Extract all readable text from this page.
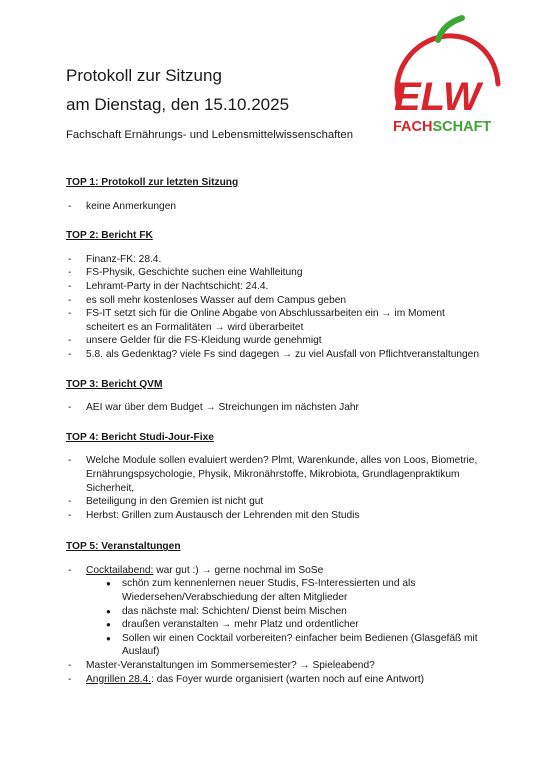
Protokoll zur Sitzung
am Dienstag, den 15.10.2025

Fachschaft Ernährungs- und Lebensmittelwissenschaften

ELW
FACHSCHAFT

TOP 1: Protokoll zur letzten Sitzung

- keine Anmerkungen

TOP 2: Bericht FK

- Finanz-FK: 28.4.
- FS-Physik, Geschichte suchen eine Wahlleitung
- Lehramt-Party in der Nachtschicht: 24.4.
- es soll mehr kostenloses Wasser auf dem Campus geben
- FS-IT setzt sich für die Online Abgabe von Abschlussarbeiten ein → im Moment scheitert es an Formalitäten → wird überarbeitet
- unsere Gelder für die FS-Kleidung wurde genehmigt
- 5.8. als Gedenktag? viele Fs sind dagegen → zu viel Ausfall von Pflichtveranstaltungen

TOP 3: Bericht QVM

- AEI war über dem Budget → Streichungen im nächsten Jahr

TOP 4: Bericht Studi-Jour-Fixe

- Welche Module sollen evaluiert werden? Plmt, Warenkunde, alles von Loos, Biometrie, Ernährungspsychologie, Physik, Mikronährstoffe, Mikrobiota, Grundlagenpraktikum Sicherheit,
- Beteiligung in den Gremien ist nicht gut
- Herbst: Grillen zum Austausch der Lehrenden mit den Studis

TOP 5: Veranstaltungen

- Cocktailabend: war gut :) → gerne nochmal im SoSe
● schön zum kennenlernen neuer Studis, FS-Interessierten und als Wiedersehen/Verabschiedung der alten Mitglieder
● das nächste mal: Schichten/ Dienst beim Mischen
● draußen veranstalten → mehr Platz und ordentlicher
● Sollen wir einen Cocktail vorbereiten? einfacher beim Bedienen (Glasgefäß mit Auslauf)
- Master-Veranstaltungen im Sommersemester? → Spieleabend?
- Angrillen 28.4.: das Foyer wurde organisiert (warten noch auf eine Antwort)
